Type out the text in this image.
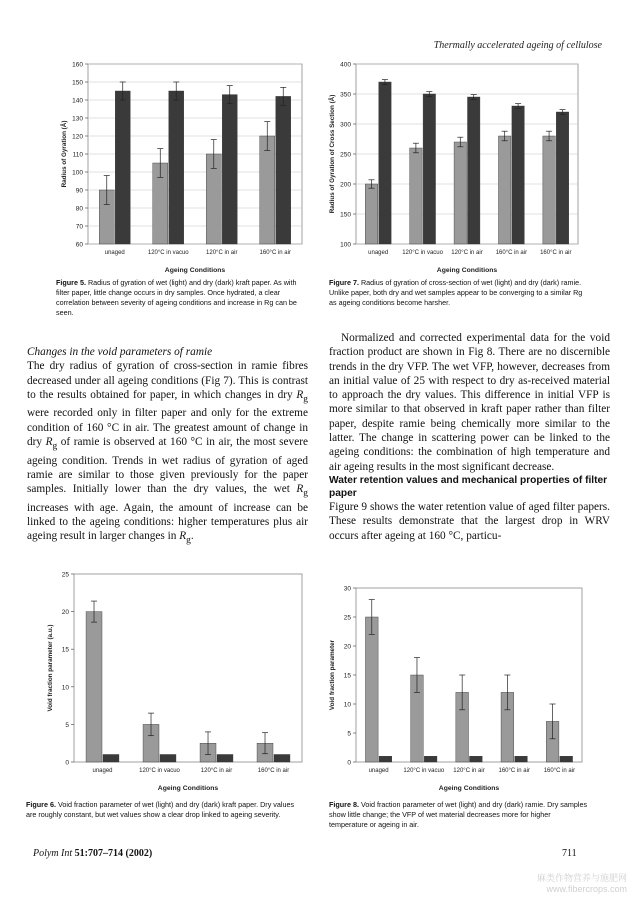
Thermally accelerated ageing of cellulose
60
70
80
90
100
110
120
130
140
150
160
Radius of Gyration (Å)
unaged	120°C in vacuo	120°C in air	160°C in air
Ageing Conditions
Figure 5. Radius of gyration of wet (light) and dry (dark) kraft paper. As with filter paper, little change occurs in dry samples. Once hydrated, a clear correlation between severity of ageing conditions and increase in Rg can be seen.
100
150
200
250
300
350
400
Radius of Gyration of Cross Section (Å)
unaged 120°C in vacuo 120°C in air 160°C in air 160°C in air
Ageing Conditions
Figure 7. Radius of gyration of cross-section of wet (light) and dry (dark) ramie. Unlike paper, both dry and wet samples appear to be converging to a similar Rg as ageing conditions become harsher.

Changes in the void parameters of ramie

The dry radius of gyration of cross-section in ramie fibres decreased under all ageing conditions (Fig 7). This is contrast to the results obtained for paper, in which changes in dry $R_g$ were recorded only in filter paper and only for the extreme condition of 160 °C in air. The greatest amount of change in dry $R_g$ of ramie is observed at 160 °C in air, the most severe ageing condition. Trends in wet radius of gyration of aged ramie are similar to those given previously for the paper samples. Initially lower than the dry values, the wet $R_g$ increases with age. Again, the amount of increase can be linked to the ageing conditions: higher temperatures plus air ageing result in larger changes in $R_g$.

Normalized and corrected experimental data for the void fraction product are shown in Fig 8. There are no discernible trends in the dry VFP. The wet VFP, however, decreases from an initial value of 25 with respect to dry as-received material to approach the dry values. This difference in initial VFP is more similar to that observed in kraft paper rather than filter paper, despite ramie being chemically more similar to the latter. The change in scattering power can be linked to the ageing conditions: the combination of high temperature and air ageing results in the most significant decrease.

Water retention values and mechanical properties of filter paper

Figure 9 shows the water retention value of aged filter papers. These results demonstrate that the largest drop in WRV occurs after ageing at 160 °C, particu-

0
5
10
15
20
25
Void fraction parameter (a.u.)
unaged	120°C in vacuo	120°C in air	160°C in air
Ageing Conditions
Figure 6. Void fraction parameter of wet (light) and dry (dark) kraft paper. Dry values are roughly constant, but wet values show a clear drop linked to ageing severity.
0
5
10
15
20
25
30
Void fraction parameter
unaged 120°C in vacuo 120°C in air 160°C in air 160°C in air
Ageing Conditions
Figure 8. Void fraction parameter of wet (light) and dry (dark) ramie. Dry samples show little change; the VFP of wet material decreases more for higher temperature or ageing in air.
Polym Int 51:707–714 (2002)	711
麻类作物营养与施肥网
www.fibercrops.com
